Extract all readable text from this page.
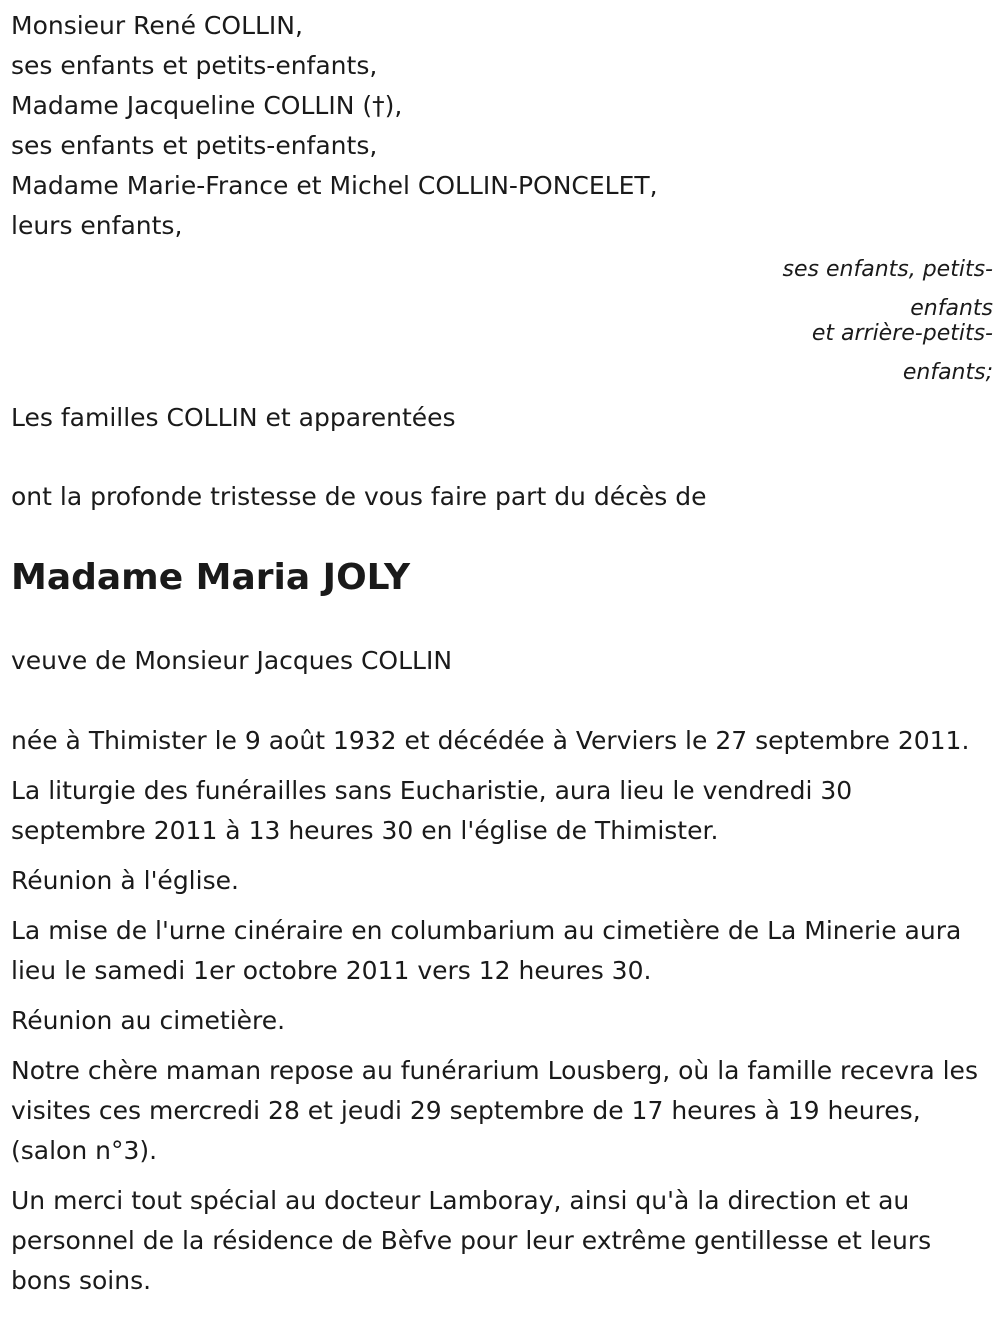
Monsieur René COLLIN,
ses enfants et petits-enfants,
Madame Jacqueline COLLIN (†),
ses enfants et petits-enfants,
Madame Marie-France et Michel COLLIN-PONCELET,
leurs enfants,
ses enfants, petits-
enfants
et arrière-petits-
enfants;
Les familles COLLIN et apparentées
ont la profonde tristesse de vous faire part du décès de
Madame Maria JOLY
veuve de Monsieur Jacques COLLIN
née à Thimister le 9 août 1932 et décédée à Verviers le 27 septembre 2011.
La liturgie des funérailles sans Eucharistie, aura lieu le vendredi 30 septembre 2011 à 13 heures 30 en l'église de Thimister.
Réunion à l'église.
La mise de l'urne cinéraire en columbarium au cimetière de La Minerie aura lieu le samedi 1er octobre 2011 vers 12 heures 30.
Réunion au cimetière.
Notre chère maman repose au funérarium Lousberg, où la famille recevra les visites ces mercredi 28 et jeudi 29 septembre de 17 heures à 19 heures, (salon n°3).
Un merci tout spécial au docteur Lamboray, ainsi qu'à la direction et au personnel de la résidence de Bèfve pour leur extrême gentillesse et leurs bons soins.
